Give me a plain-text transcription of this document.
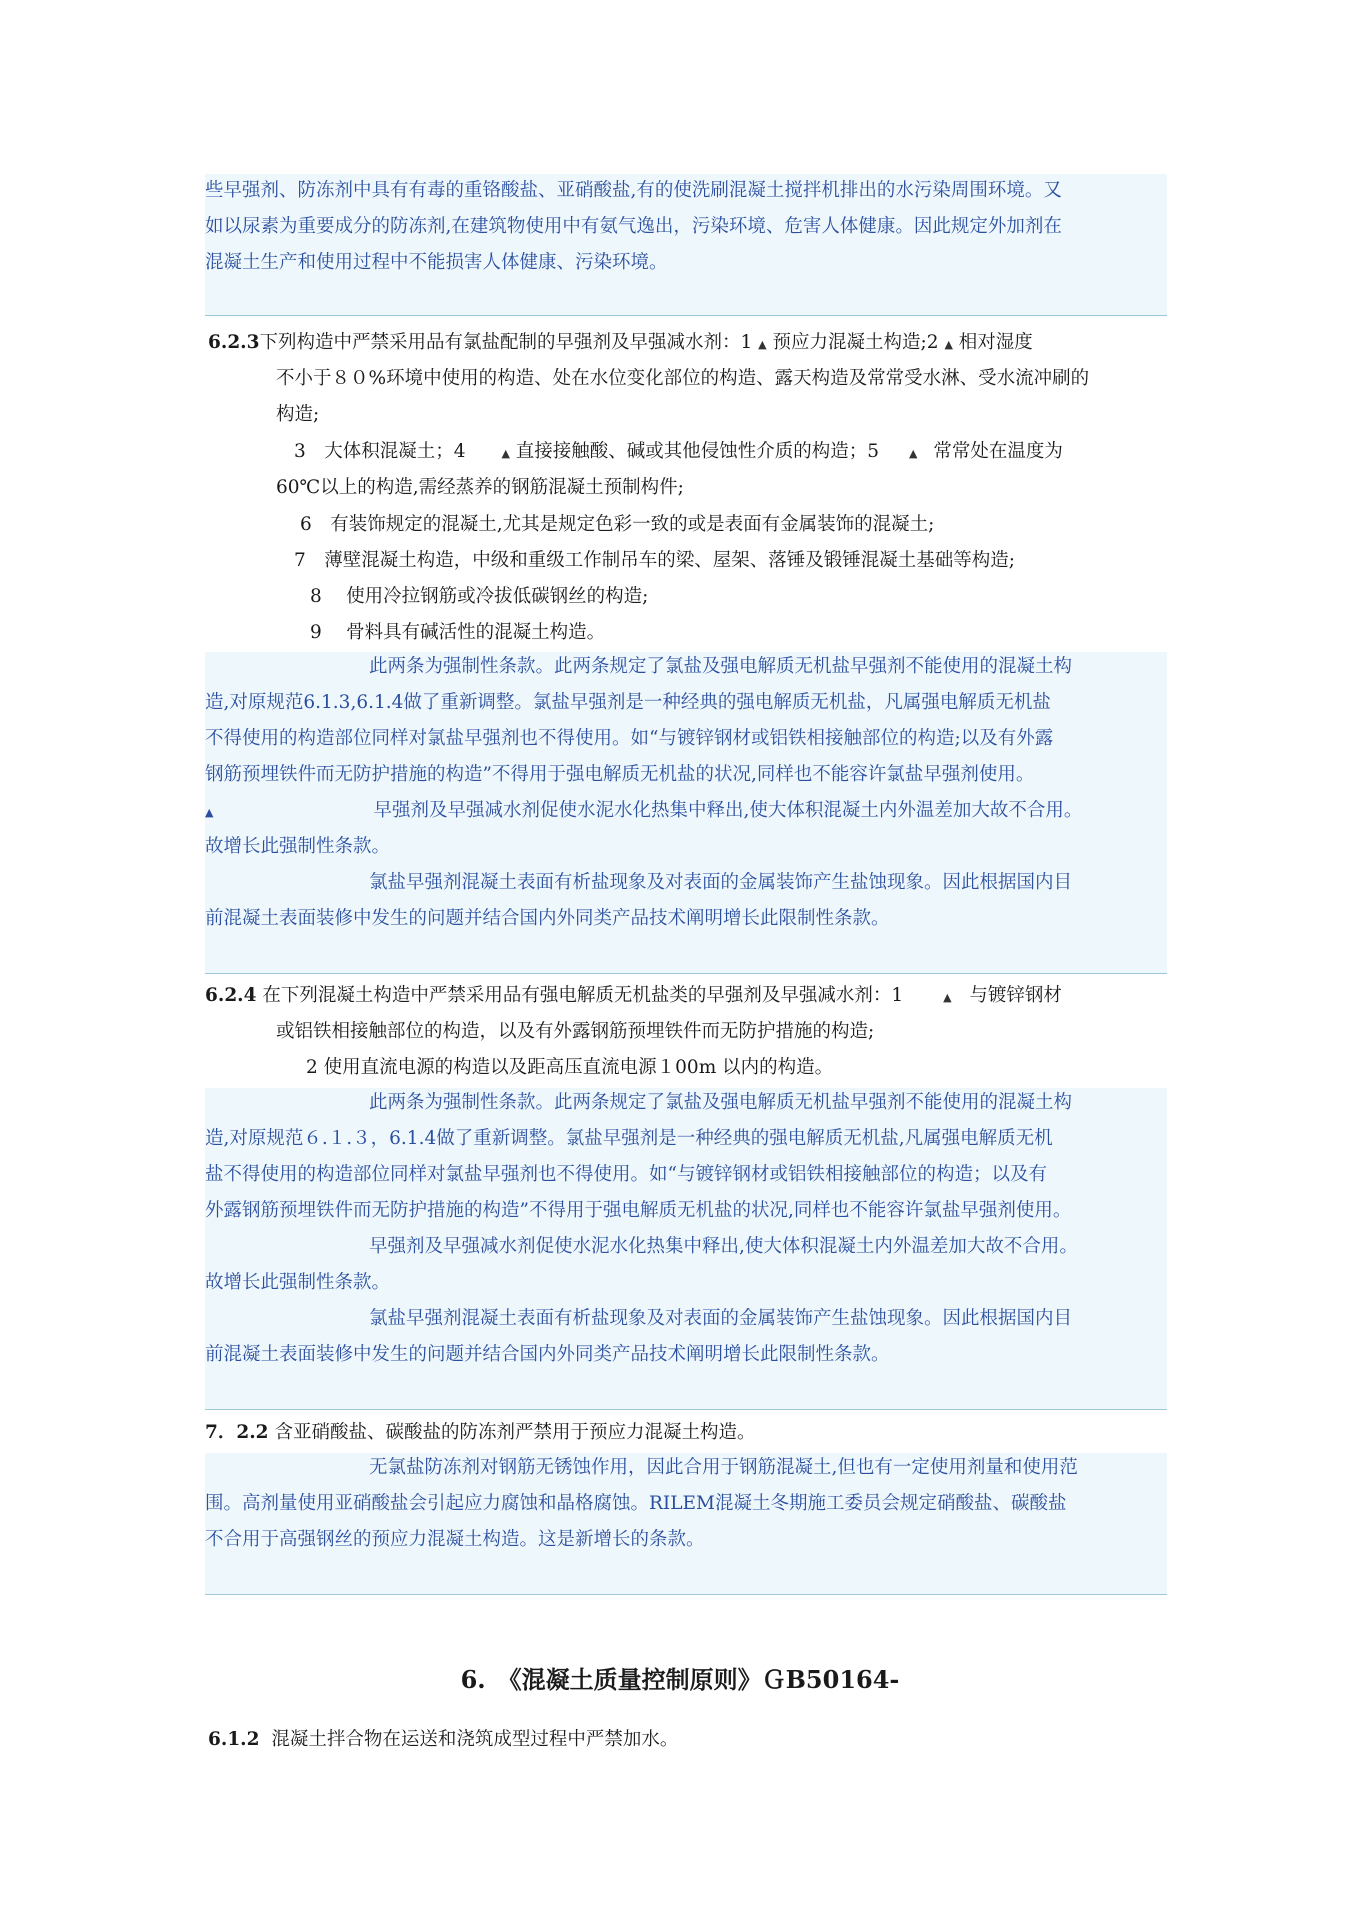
些早强剂、防冻剂中具有有毒的重铬酸盐、亚硝酸盐,有的使洗刷混凝土搅拌机排出的水污染周围环境。又
如以尿素为重要成分的防冻剂,在建筑物使用中有氨气逸出，污染环境、危害人体健康。因此规定外加剂在
混凝土生产和使用过程中不能损害人体健康、污染环境。
6.2.3下列构造中严禁采用品有氯盐配制的早强剂及早强减水剂：1 ▲ 预应力混凝土构造;2 ▲ 相对湿度
不小于８０%环境中使用的构造、处在水位变化部位的构造、露天构造及常常受水淋、受水流冲刷的
构造;
3　大体积混凝土；4	▲ 直接接触酸、碱或其他侵蚀性介质的构造；5	▲ 常常处在温度为
60℃以上的构造,需经蒸养的钢筋混凝土预制构件;
6　有装饰规定的混凝土,尤其是规定色彩一致的或是表面有金属装饰的混凝土;
7　薄壁混凝土构造，中级和重级工作制吊车的梁、屋架、落锤及锻锤混凝土基础等构造;
8　 使用冷拉钢筋或冷拔低碳钢丝的构造;
9　 骨料具有碱活性的混凝土构造。
此两条为强制性条款。此两条规定了氯盐及强电解质无机盐早强剂不能使用的混凝土构
造,对原规范6.1.3,6.1.4做了重新调整。氯盐早强剂是一种经典的强电解质无机盐，凡属强电解质无机盐
不得使用的构造部位同样对氯盐早强剂也不得使用。如“与镀锌钢材或铝铁相接触部位的构造;以及有外露
钢筋预埋铁件而无防护措施的构造”不得用于强电解质无机盐的状况,同样也不能容许氯盐早强剂使用。
▲	早强剂及早强减水剂促使水泥水化热集中释出,使大体积混凝土内外温差加大故不合用。
故增长此强制性条款。
氯盐早强剂混凝土表面有析盐现象及对表面的金属装饰产生盐蚀现象。因此根据国内目
前混凝土表面装修中发生的问题并结合国内外同类产品技术阐明增长此限制性条款。
6.2.4 在下列混凝土构造中严禁采用品有强电解质无机盐类的早强剂及早强减水剂：1	▲ 与镀锌钢材
或铝铁相接触部位的构造，以及有外露钢筋预埋铁件而无防护措施的构造;
2 使用直流电源的构造以及距高压直流电源１00m 以内的构造。
此两条为强制性条款。此两条规定了氯盐及强电解质无机盐早强剂不能使用的混凝土构
造,对原规范６.１.３，6.1.4做了重新调整。氯盐早强剂是一种经典的强电解质无机盐,凡属强电解质无机
盐不得使用的构造部位同样对氯盐早强剂也不得使用。如“与镀锌钢材或铝铁相接触部位的构造；以及有
外露钢筋预埋铁件而无防护措施的构造”不得用于强电解质无机盐的状况,同样也不能容许氯盐早强剂使用。
早强剂及早强减水剂促使水泥水化热集中释出,使大体积混凝土内外温差加大故不合用。
故增长此强制性条款。
氯盐早强剂混凝土表面有析盐现象及对表面的金属装饰产生盐蚀现象。因此根据国内目
前混凝土表面装修中发生的问题并结合国内外同类产品技术阐明增长此限制性条款。
7．2.2 含亚硝酸盐、碳酸盐的防冻剂严禁用于预应力混凝土构造。
无氯盐防冻剂对钢筋无锈蚀作用，因此合用于钢筋混凝土,但也有一定使用剂量和使用范
围。高剂量使用亚硝酸盐会引起应力腐蚀和晶格腐蚀。RILEM混凝土冬期施工委员会规定硝酸盐、碳酸盐
不合用于高强钢丝的预应力混凝土构造。这是新增长的条款。
6.　《混凝土质量控制原则》ＧB50164-
6.1.2 混凝土拌合物在运送和浇筑成型过程中严禁加水。
